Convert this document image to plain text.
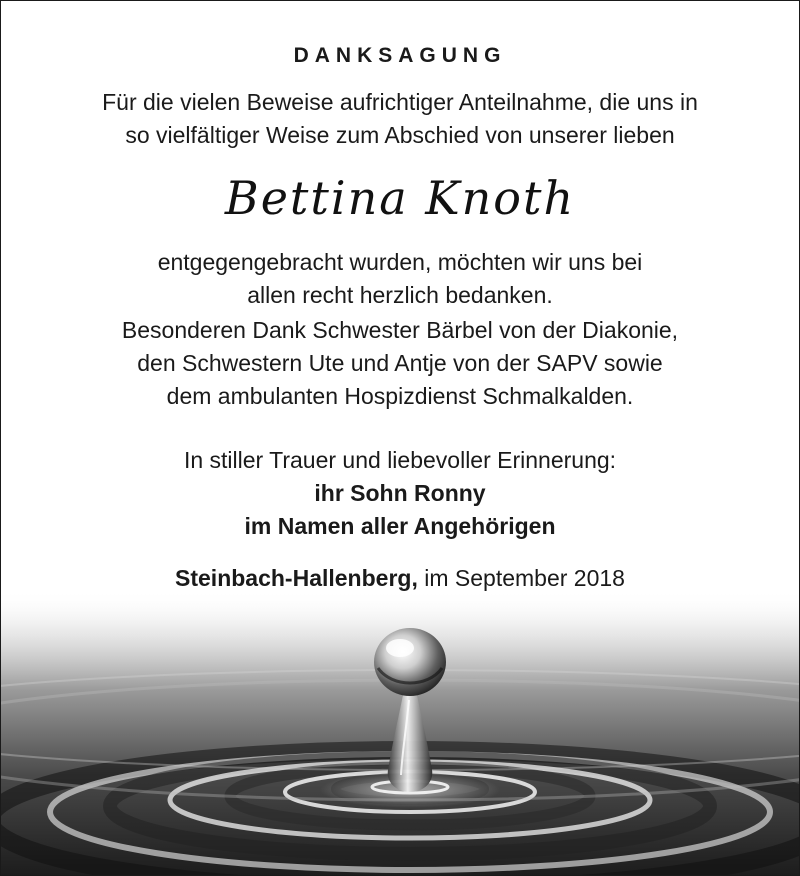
DANKSAGUNG
Für die vielen Beweise aufrichtiger Anteilnahme, die uns in
so vielfältiger Weise zum Abschied von unserer lieben
Bettina Knoth
entgegengebracht wurden, möchten wir uns bei
allen recht herzlich bedanken.
Besonderen Dank Schwester Bärbel von der Diakonie,
den Schwestern Ute und Antje von der SAPV sowie
dem ambulanten Hospizdienst Schmalkalden.
In stiller Trauer und liebevoller Erinnerung:
ihr Sohn Ronny
im Namen aller Angehörigen
Steinbach-Hallenberg, im September 2018
